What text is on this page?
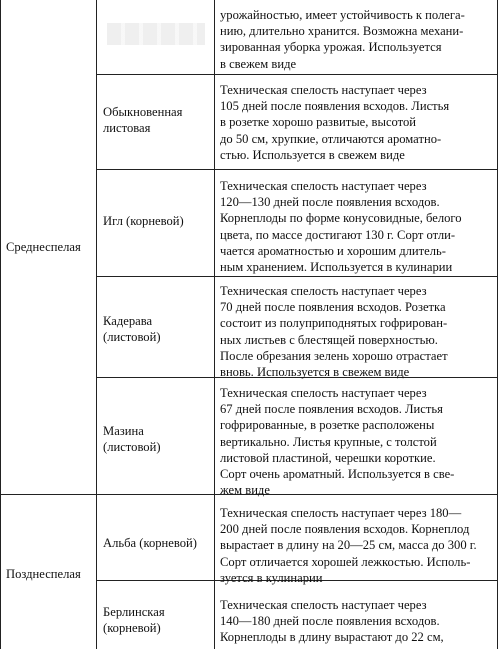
Среднеспелая
Позднеспелая
урожайностью, имеет устойчивость к полега-
нию, длительно хранится. Возможна механи-
зированная уборка урожая. Используется
в свежем виде
Обыкновенная
листовая
Техническая спелость наступает через
105 дней после появления всходов. Листья
в розетке хорошо развитые, высотой
до 50 см, хрупкие, отличаются ароматно-
стью. Используется в свежем виде
Игл (корневой)
Техническая спелость наступает через
120—130 дней после появления всходов.
Корнеплоды по форме конусовидные, белого
цвета, по массе достигают 130 г. Сорт отли-
чается ароматностью и хорошим длитель-
ным хранением. Используется в кулинарии
Кадерава
(листовой)
Техническая спелость наступает через
70 дней после появления всходов. Розетка
состоит из полуприподнятых гофрирован-
ных листьев с блестящей поверхностью.
После обрезания зелень хорошо отрастает
вновь. Используется в свежем виде
Мазина
(листовой)
Техническая спелость наступает через
67 дней после появления всходов. Листья
гофрированные, в розетке расположены
вертикально. Листья крупные, с толстой
листовой пластиной, черешки короткие.
Сорт очень ароматный. Используется в све-
жем виде
Альба (корневой)
Техническая спелость наступает через 180—
200 дней после появления всходов. Корнеплод
вырастает в длину на 20—25 см, масса до 300 г.
Сорт отличается хорошей лежкостью. Исполь-
зуется в кулинарии
Берлинская
(корневой)
Техническая спелость наступает через
140—180 дней после появления всходов.
Корнеплоды в длину вырастают до 22 см,
